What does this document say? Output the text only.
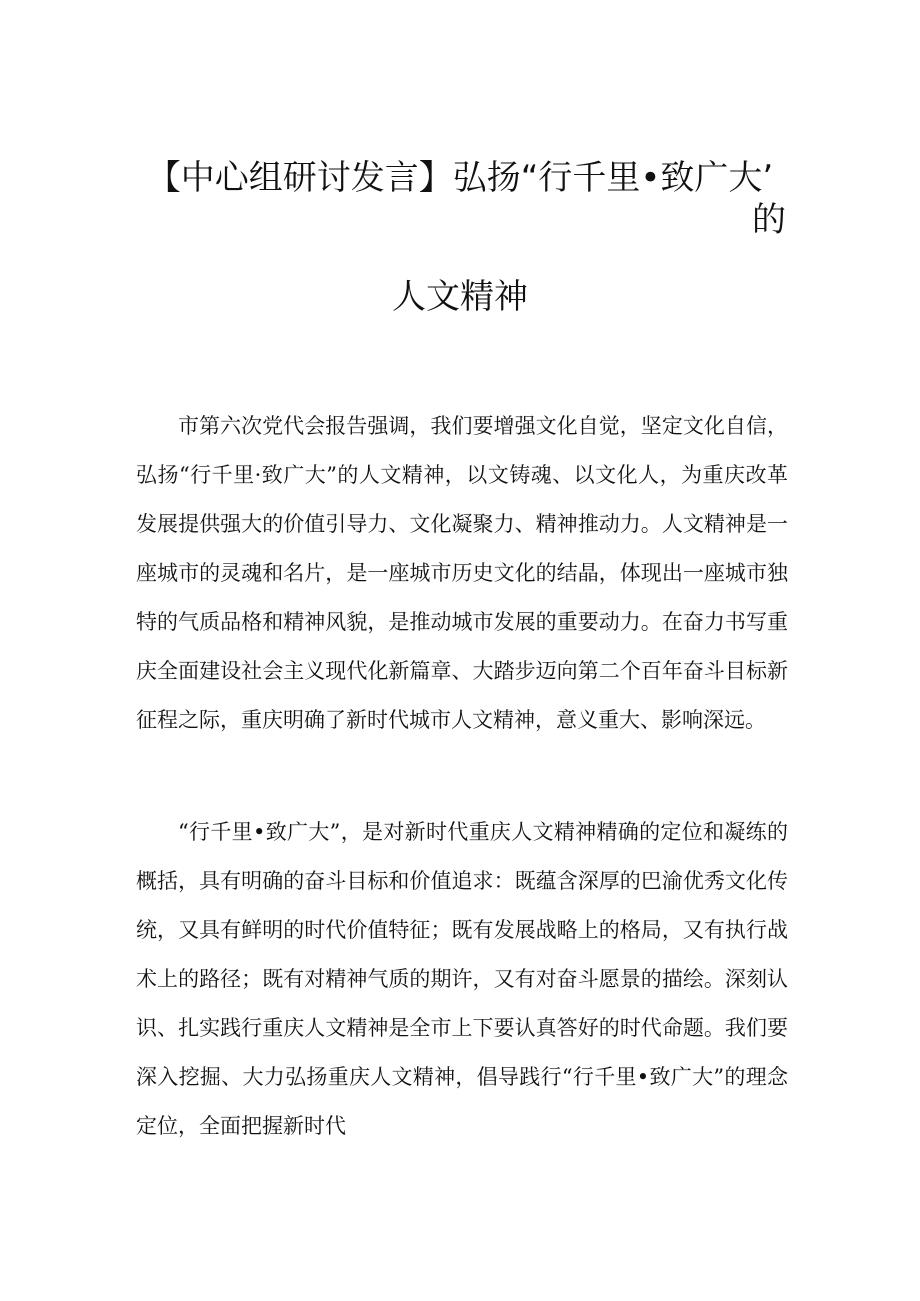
【中心组研讨发言】弘扬“行千里•致广大’
的
人文精神

市第六次党代会报告强调，我们要增强文化自觉，坚定文化自信，弘扬“行千里·致广大”的人文精神，以文铸魂、以文化人，为重庆改革发展提供强大的价值引导力、文化凝聚力、精神推动力。人文精神是一座城市的灵魂和名片，是一座城市历史文化的结晶，体现出一座城市独特的气质品格和精神风貌，是推动城市发展的重要动力。在奋力书写重庆全面建设社会主义现代化新篇章、大踏步迈向第二个百年奋斗目标新征程之际，重庆明确了新时代城市人文精神，意义重大、影响深远。

“行千里•致广大”，是对新时代重庆人文精神精确的定位和凝练的概括，具有明确的奋斗目标和价值追求：既蕴含深厚的巴渝优秀文化传统，又具有鲜明的时代价值特征；既有发展战略上的格局，又有执行战术上的路径；既有对精神气质的期许，又有对奋斗愿景的描绘。深刻认识、扎实践行重庆人文精神是全市上下要认真答好的时代命题。我们要深入挖掘、大力弘扬重庆人文精神，倡导践行“行千里•致广大”的理念定位，全面把握新时代
